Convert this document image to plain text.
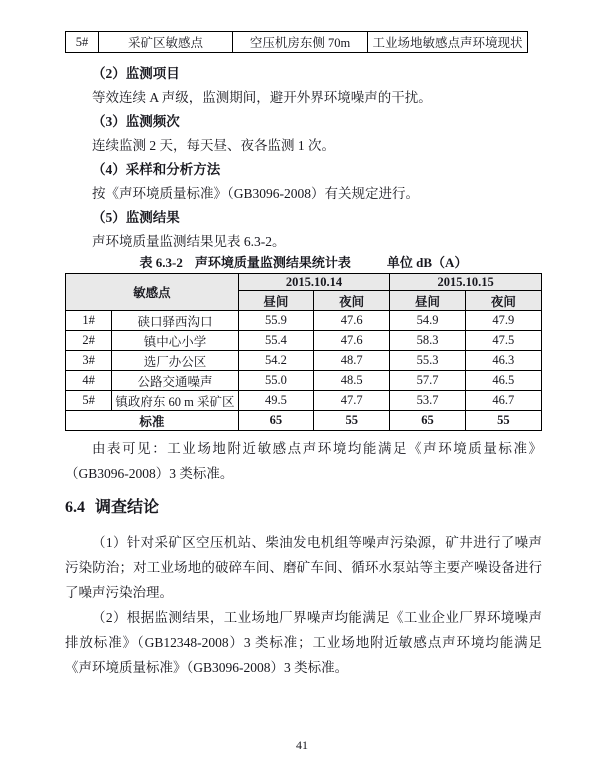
5#	采矿区敏感点	空压机房东侧 70m	工业场地敏感点声环境现状

（2）监测项目

等效连续 A 声级，监测期间，避开外界环境噪声的干扰。

（3）监测频次

连续监测 2 天，每天昼、夜各监测 1 次。

（4）采样和分析方法

按《声环境质量标准》（GB3096-2008）有关规定进行。

（5）监测结果

声环境质量监测结果见表 6.3-2。

表 6.3-2 声环境质量监测结果统计表	单位 dB（A）

敏感点		2015.10.14		2015.10.15	
		昼间	夜间	昼间	夜间
1#	硖口驿西沟口	55.9	47.6	54.9	47.9
2#	镇中心小学	55.4	47.6	58.3	47.5
3#	选厂办公区	54.2	48.7	55.3	46.3
4#	公路交通噪声	55.0	48.5	57.7	46.5
5#	镇政府东 60 m 采矿区	49.5	47.7	53.7	46.7
标准		65	55	65	55

由表可见：工业场地附近敏感点声环境均能满足《声环境质量标准》（GB3096-2008）3 类标准。

6.4 调查结论

（1）针对采矿区空压机站、柴油发电机组等噪声污染源，矿井进行了噪声污染防治；对工业场地的破碎车间、磨矿车间、循环水泵站等主要产噪设备进行了噪声污染治理。

（2）根据监测结果，工业场地厂界噪声均能满足《工业企业厂界环境噪声排放标准》（GB12348-2008）3 类标准；工业场地附近敏感点声环境均能满足《声环境质量标准》（GB3096-2008）3 类标准。

41
